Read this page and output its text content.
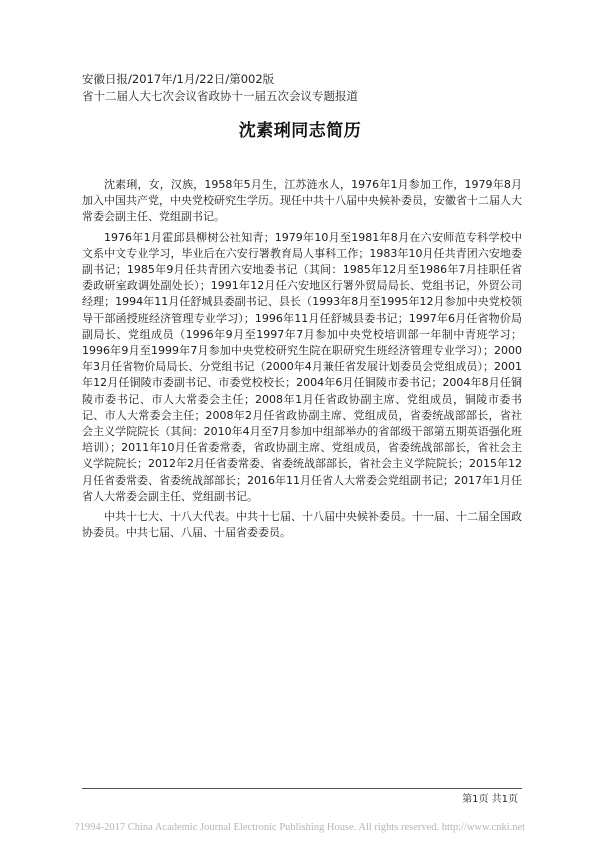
安徽日报/2017年/1月/22日/第002版
省十二届人大七次会议省政协十一届五次会议专题报道
沈素琍同志简历

沈素琍，女，汉族，1958年5月生，江苏涟水人，1976年1月参加工作，1979年8月加入中国共产党，中央党校研究生学历。现任中共十八届中央候补委员，安徽省十二届人大常委会副主任、党组副书记。

1976年1月霍邱县柳树公社知青；1979年10月至1981年8月在六安师范专科学校中文系中文专业学习，毕业后在六安行署教育局人事科工作；1983年10月任共青团六安地委副书记；1985年9月任共青团六安地委书记（其间：1985年12月至1986年7月挂职任省委政研室政调处副处长）；1991年12月任六安地区行署外贸局局长、党组书记，外贸公司经理；1994年11月任舒城县委副书记、县长（1993年8月至1995年12月参加中央党校领导干部函授班经济管理专业学习）；1996年11月任舒城县委书记；1997年6月任省物价局副局长、党组成员（1996年9月至1997年7月参加中央党校培训部一年制中青班学习；1996年9月至1999年7月参加中央党校研究生院在职研究生班经济管理专业学习）；2000年3月任省物价局局长、分党组书记（2000年4月兼任省发展计划委员会党组成员）；2001年12月任铜陵市委副书记、市委党校校长；2004年6月任铜陵市委书记；2004年8月任铜陵市委书记、市人大常委会主任；2008年1月任省政协副主席、党组成员，铜陵市委书记、市人大常委会主任；2008年2月任省政协副主席、党组成员，省委统战部部长，省社会主义学院院长（其间：2010年4月至7月参加中组部举办的省部级干部第五期英语强化班培训）；2011年10月任省委常委，省政协副主席、党组成员，省委统战部部长，省社会主义学院院长；2012年2月任省委常委、省委统战部部长，省社会主义学院院长；2015年12月任省委常委、省委统战部部长；2016年11月任省人大常委会党组副书记；2017年1月任省人大常委会副主任、党组副书记。

中共十七大、十八大代表。中共十七届、十八届中央候补委员。十一届、十二届全国政协委员。中共七届、八届、十届省委委员。

第1页 共1页
?1994-2017 China Academic Journal Electronic Publishing House. All rights reserved. http://www.cnki.net
